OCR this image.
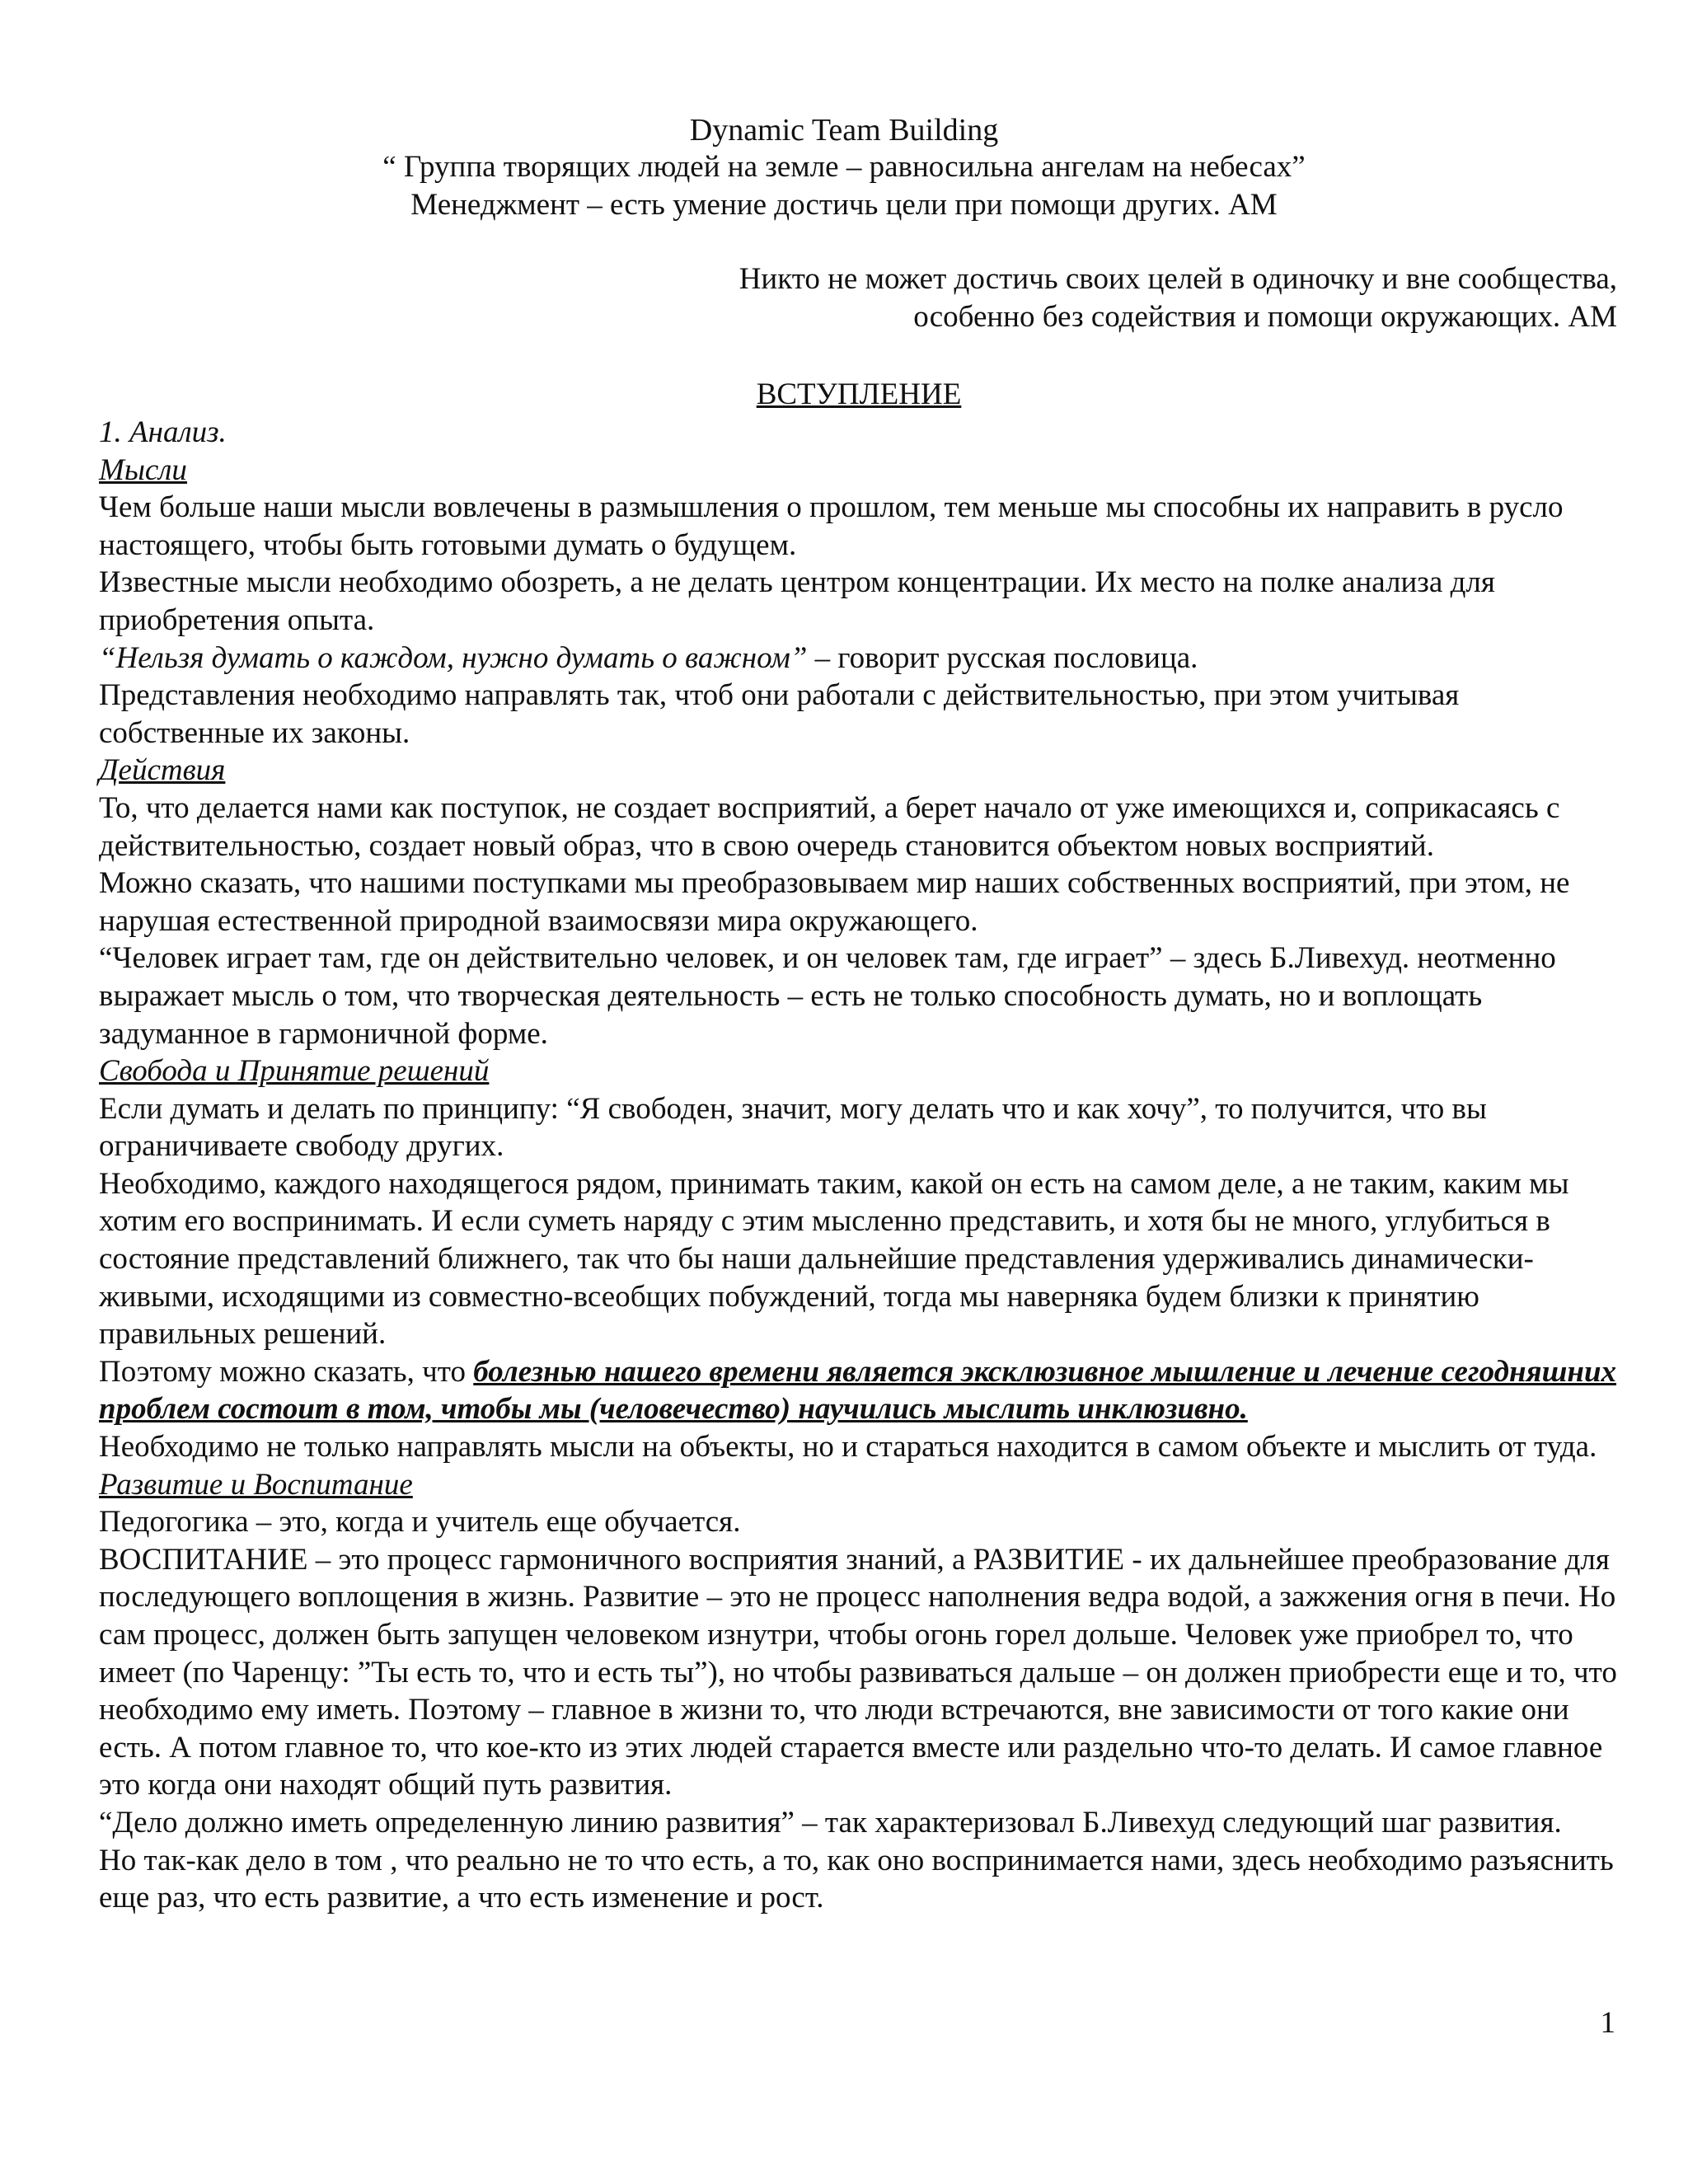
Dynamic Team Building
“ Группа творящих людей на земле – равносильна ангелам на небесах”
Менеджмент – есть умение достичь цели при помощи других. АМ
Никто не может достичь своих целей в одиночку и вне сообщества,
особенно без содействия и помощи окружающих. АМ
ВСТУПЛЕНИЕ

1. Анализ.

Мысли

Чем больше наши мысли вовлечены в размышления о прошлом, тем меньше мы способны их направить в русло настоящего, чтобы быть готовыми думать о будущем.

Известные мысли необходимо обозреть, а не делать центром концентрации. Их место на полке анализа для приобретения опыта.

“Нельзя думать о каждом, нужно думать о важном” – говорит русская пословица.

Представления необходимо направлять так, чтоб они работали с действительностью, при этом учитывая собственные их законы.

Действия

То, что делается нами как поступок, не создает восприятий, а берет начало от уже имеющихся и, соприкасаясь с действительностью, создает новый образ, что в свою очередь становится объектом новых восприятий.

Можно сказать, что нашими поступками мы преобразовываем мир наших собственных восприятий, при этом, не нарушая естественной природной взаимосвязи мира окружающего.

“Человек играет там, где он действительно человек, и он человек там, где играет” – здесь Б.Ливехуд. неотменно выражает мысль о том, что творческая деятельность – есть не только способность думать, но и воплощать задуманное в гармоничной форме.

Свобода и Принятие решений

Если думать и делать по принципу: “Я свободен, значит, могу делать что и как хочу”, то получится, что вы ограничиваете свободу других.

Необходимо, каждого находящегося рядом, принимать таким, какой он есть на самом деле, а не таким, каким мы хотим его воспринимать. И если суметь наряду с этим мысленно представить, и хотя бы не много, углубиться в состояние представлений ближнего, так что бы наши дальнейшие представления удерживались динамически-живыми, исходящими из совместно-всеобщих побуждений, тогда мы наверняка будем близки к принятию правильных решений.

Поэтому можно сказать, что болезнью нашего времени является эксклюзивное мышление и лечение сегодняшних проблем состоит в том, чтобы мы (человечество) научились мыслить инклюзивно.

Необходимо не только направлять мысли на объекты, но и стараться находится в самом объекте и мыслить от туда.

Развитие и Воспитание

Педогогика – это, когда и учитель еще обучается.

ВОСПИТАНИЕ – это процесс гармоничного восприятия знаний, а РАЗВИТИЕ - их дальнейшее преобразование для последующего воплощения в жизнь. Развитие – это не процесс наполнения ведра водой, а зажжения огня в печи. Но сам процесс, должен быть запущен человеком изнутри, чтобы огонь горел дольше. Человек уже приобрел то, что имеет (по Чаренцу: ”Ты есть то, что и есть ты”), но чтобы развиваться дальше – он должен приобрести еще и то, что необходимо ему иметь. Поэтому – главное в жизни то, что люди встречаются, вне зависимости от того какие они есть. А потом главное то, что кое-кто из этих людей старается вместе или раздельно что-то делать. И самое главное это когда они находят общий путь развития.

“Дело должно иметь определенную линию развития” – так характеризовал Б.Ливехуд следующий шаг развития.

Но так-как дело в том , что реально не то что есть, а то, как оно воспринимается нами, здесь необходимо разъяснить еще раз, что есть развитие, а что есть изменение и рост.

1
